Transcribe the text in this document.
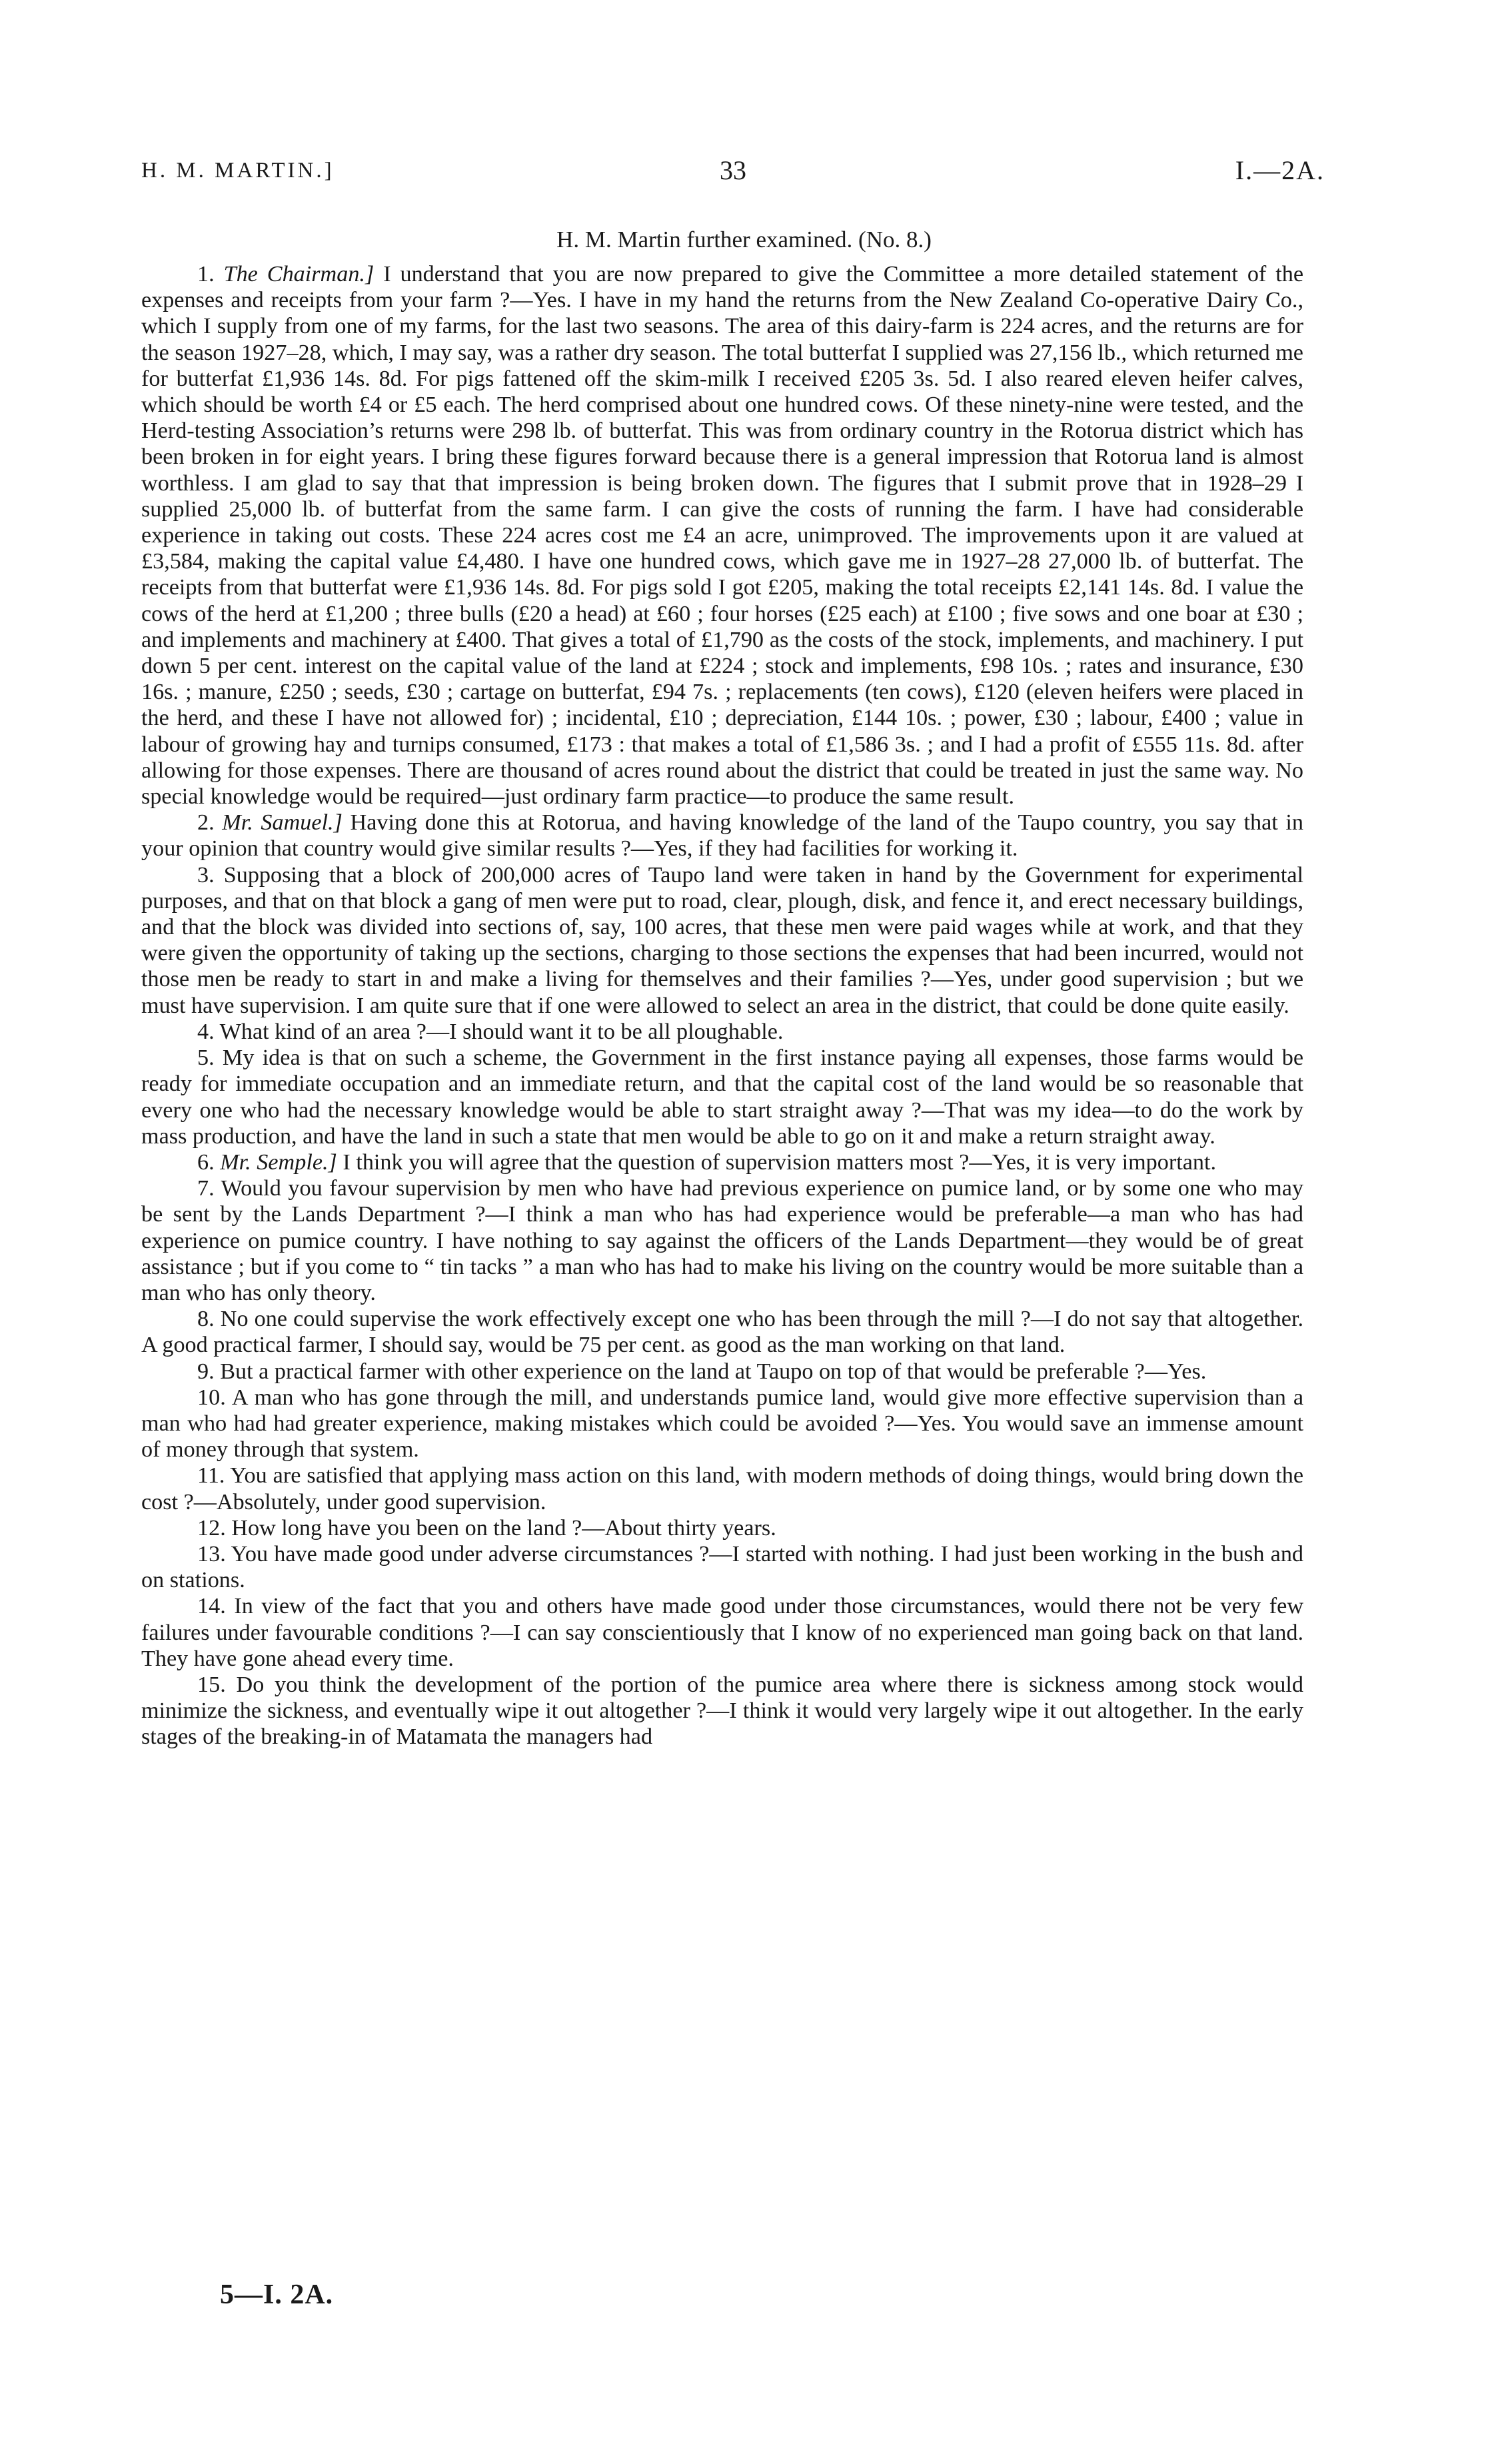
H. M. MARTIN.]	33	I.—2A.
H. M. Martin further examined. (No. 8.)

1. The Chairman.] I understand that you are now prepared to give the Committee a more detailed statement of the expenses and receipts from your farm ?—Yes. I have in my hand the returns from the New Zealand Co-operative Dairy Co., which I supply from one of my farms, for the last two seasons. The area of this dairy-farm is 224 acres, and the returns are for the season 1927–28, which, I may say, was a rather dry season. The total butterfat I supplied was 27,156 lb., which returned me for butterfat £1,936 14s. 8d. For pigs fattened off the skim-milk I received £205 3s. 5d. I also reared eleven heifer calves, which should be worth £4 or £5 each. The herd comprised about one hundred cows. Of these ninety-nine were tested, and the Herd-testing Association’s returns were 298 lb. of butterfat. This was from ordinary country in the Rotorua district which has been broken in for eight years. I bring these figures forward because there is a general impression that Rotorua land is almost worthless. I am glad to say that that impression is being broken down. The figures that I submit prove that in 1928–29 I supplied 25,000 lb. of butterfat from the same farm. I can give the costs of running the farm. I have had considerable experience in taking out costs. These 224 acres cost me £4 an acre, unimproved. The improvements upon it are valued at £3,584, making the capital value £4,480. I have one hundred cows, which gave me in 1927–28 27,000 lb. of butterfat. The receipts from that butterfat were £1,936 14s. 8d. For pigs sold I got £205, making the total receipts £2,141 14s. 8d. I value the cows of the herd at £1,200 ; three bulls (£20 a head) at £60 ; four horses (£25 each) at £100 ; five sows and one boar at £30 ; and implements and machinery at £400. That gives a total of £1,790 as the costs of the stock, implements, and machinery. I put down 5 per cent. interest on the capital value of the land at £224 ; stock and implements, £98 10s. ; rates and insurance, £30 16s. ; manure, £250 ; seeds, £30 ; cartage on butterfat, £94 7s. ; replacements (ten cows), £120 (eleven heifers were placed in the herd, and these I have not allowed for) ; incidental, £10 ; depreciation, £144 10s. ; power, £30 ; labour, £400 ; value in labour of growing hay and turnips consumed, £173 : that makes a total of £1,586 3s. ; and I had a profit of £555 11s. 8d. after allowing for those expenses. There are thousand of acres round about the district that could be treated in just the same way. No special knowledge would be required—just ordinary farm practice—to produce the same result.

2. Mr. Samuel.] Having done this at Rotorua, and having knowledge of the land of the Taupo country, you say that in your opinion that country would give similar results ?—Yes, if they had facilities for working it.

3. Supposing that a block of 200,000 acres of Taupo land were taken in hand by the Government for experimental purposes, and that on that block a gang of men were put to road, clear, plough, disk, and fence it, and erect necessary buildings, and that the block was divided into sections of, say, 100 acres, that these men were paid wages while at work, and that they were given the opportunity of taking up the sections, charging to those sections the expenses that had been incurred, would not those men be ready to start in and make a living for themselves and their families ?—Yes, under good supervision ; but we must have supervision. I am quite sure that if one were allowed to select an area in the district, that could be done quite easily.

4. What kind of an area ?—I should want it to be all ploughable.

5. My idea is that on such a scheme, the Government in the first instance paying all expenses, those farms would be ready for immediate occupation and an immediate return, and that the capital cost of the land would be so reasonable that every one who had the necessary knowledge would be able to start straight away ?—That was my idea—to do the work by mass production, and have the land in such a state that men would be able to go on it and make a return straight away.

6. Mr. Semple.] I think you will agree that the question of supervision matters most ?—Yes, it is very important.

7. Would you favour supervision by men who have had previous experience on pumice land, or by some one who may be sent by the Lands Department ?—I think a man who has had experience would be preferable—a man who has had experience on pumice country. I have nothing to say against the officers of the Lands Department—they would be of great assistance ; but if you come to “ tin tacks ” a man who has had to make his living on the country would be more suitable than a man who has only theory.

8. No one could supervise the work effectively except one who has been through the mill ?—I do not say that altogether. A good practical farmer, I should say, would be 75 per cent. as good as the man working on that land.

9. But a practical farmer with other experience on the land at Taupo on top of that would be preferable ?—Yes.

10. A man who has gone through the mill, and understands pumice land, would give more effective supervision than a man who had had greater experience, making mistakes which could be avoided ?—Yes. You would save an immense amount of money through that system.

11. You are satisfied that applying mass action on this land, with modern methods of doing things, would bring down the cost ?—Absolutely, under good supervision.

12. How long have you been on the land ?—About thirty years.

13. You have made good under adverse circumstances ?—I started with nothing. I had just been working in the bush and on stations.

14. In view of the fact that you and others have made good under those circumstances, would there not be very few failures under favourable conditions ?—I can say conscientiously that I know of no experienced man going back on that land. They have gone ahead every time.

15. Do you think the development of the portion of the pumice area where there is sickness among stock would minimize the sickness, and eventually wipe it out altogether ?—I think it would very largely wipe it out altogether. In the early stages of the breaking-in of Matamata the managers had

5—I. 2A.
